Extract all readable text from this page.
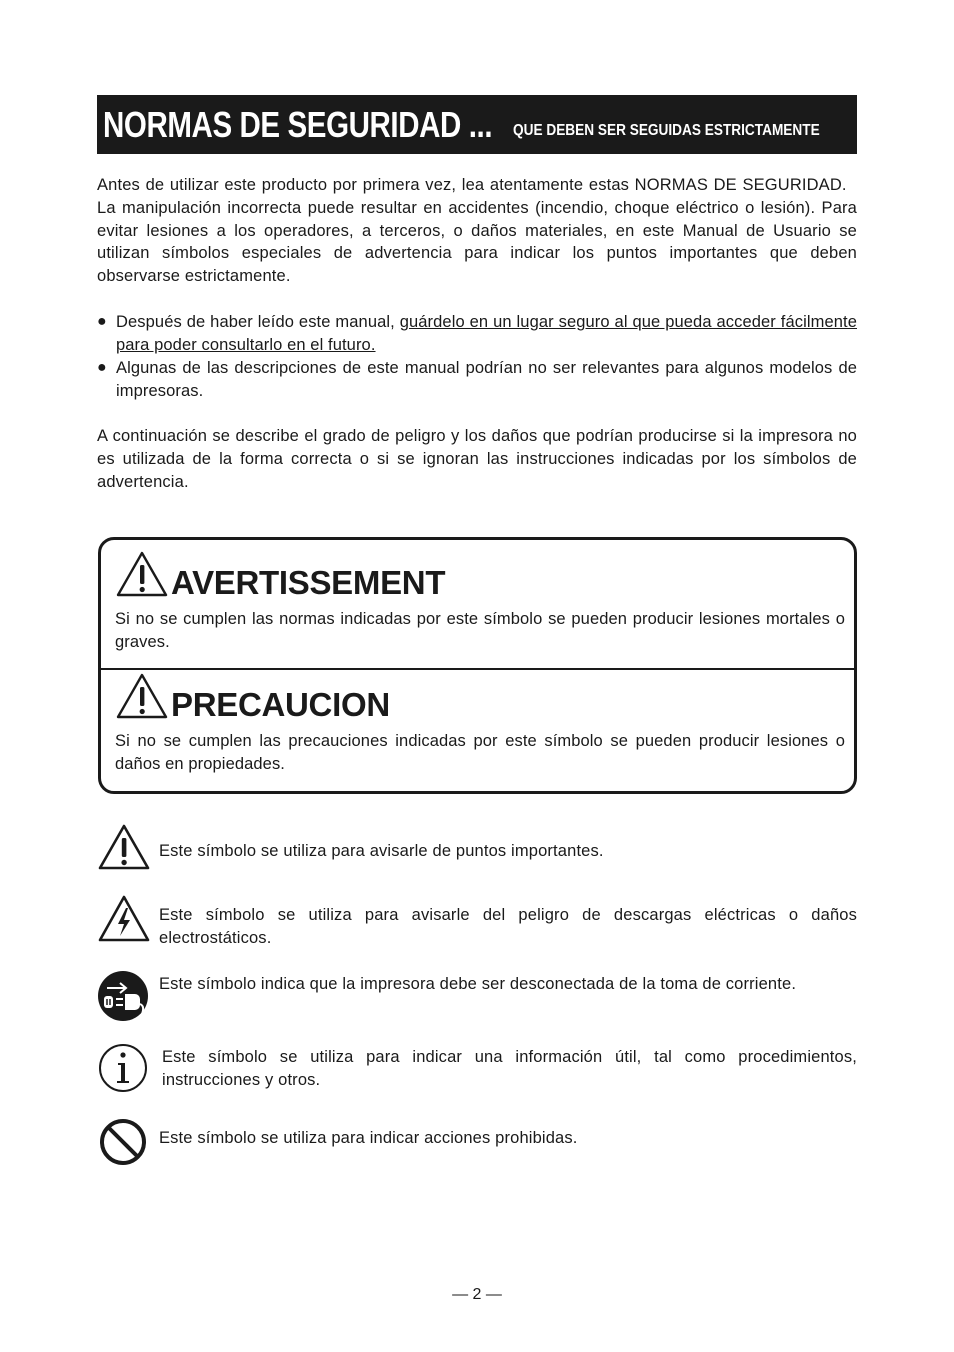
NORMAS DE SEGURIDAD ... QUE DEBEN SER SEGUIDAS ESTRICTAMENTE

Antes de utilizar este producto por primera vez, lea atentamente estas NORMAS DE SEGURIDAD.   La manipulación incorrecta puede resultar en accidentes (incendio, choque eléctrico o lesión). Para evitar lesiones a los operadores, a terceros, o daños materiales, en este Manual de Usuario se utilizan símbolos especiales de advertencia para indicar los puntos importantes que deben observarse estrictamente.

● Después de haber leído este manual, guárdelo en un lugar seguro al que pueda acceder fácilmente para poder consultarlo en el futuro.
● Algunas de las descripciones de este manual podrían no ser relevantes para algunos modelos de impresoras.

A continuación se describe el grado de peligro y los daños que podrían producirse si la impresora no es utilizada de la forma correcta o si se ignoran las instrucciones indicadas por los símbolos de advertencia.

AVERTISSEMENT
Si no se cumplen las normas indicadas por este símbolo se pueden producir lesiones mortales o graves.
PRECAUCION
Si no se cumplen las precauciones indicadas por este símbolo se pueden producir lesiones o daños en propiedades.
Este símbolo se utiliza para avisarle de puntos importantes.
Este símbolo se utiliza para avisarle del peligro de descargas eléctricas o daños electrostáticos.
Este símbolo indica que la impresora debe ser desconectada de la toma de corriente.
Este símbolo se utiliza para indicar una información útil, tal como procedimientos, instrucciones y otros.
Este símbolo se utiliza para indicar acciones prohibidas.
— 2 —
